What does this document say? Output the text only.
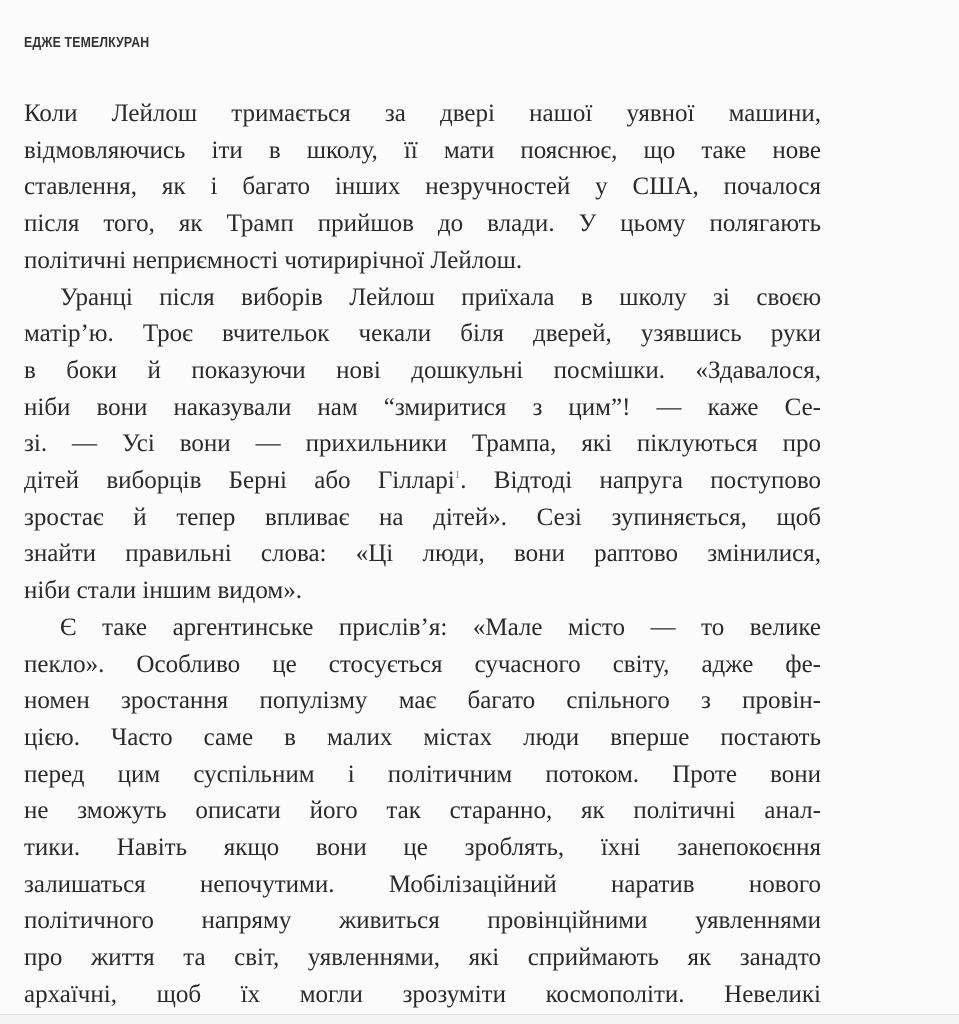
ЕДЖЕ ТЕМЕЛКУРАН

Коли Лейлош тримається за двері нашої уявної машини,
відмовляючись іти в школу, її мати пояснює, що таке нове
ставлення, як і багато інших незручностей у США, почалося
після того, як Трамп прийшов до влади. У цьому полягають
політичні неприємності чотирирічної Лейлош.

Уранці після виборів Лейлош приїхала в школу зі своєю
матір’ю. Троє вчительок чекали біля дверей, узявшись руки
в боки й показуючи нові дошкульні посмішки. «Здавалося,
ніби вони наказували нам “змиритися з цим”! — каже Се-
зі. — Усі вони — прихильники Трампа, які піклуються про
дітей виборців Берні або Гілларі$^1$. Відтоді напруга поступово
зростає й тепер впливає на дітей». Сезі зупиняється, щоб
знайти правильні слова: «Ці люди, вони раптово змінилися,
ніби стали іншим видом».

Є таке аргентинське прислів’я: «Мале місто — то велике
пекло». Особливо це стосується сучасного світу, адже фе-
номен зростання популізму має багато спільного з провін-
цією. Часто саме в малих містах люди вперше постають
перед цим суспільним і політичним потоком. Проте вони
не зможуть описати його так старанно, як політичні анал-
тики. Навіть якщо вони це зроблять, їхні занепокоєння
залишаться непочутими. Мобілізаційний наратив нового
політичного напряму живиться провінційними уявленнями
про життя та світ, уявленнями, які сприймають як занадто
архаїчні, щоб їх могли зрозуміти космополіти. Невеликі
